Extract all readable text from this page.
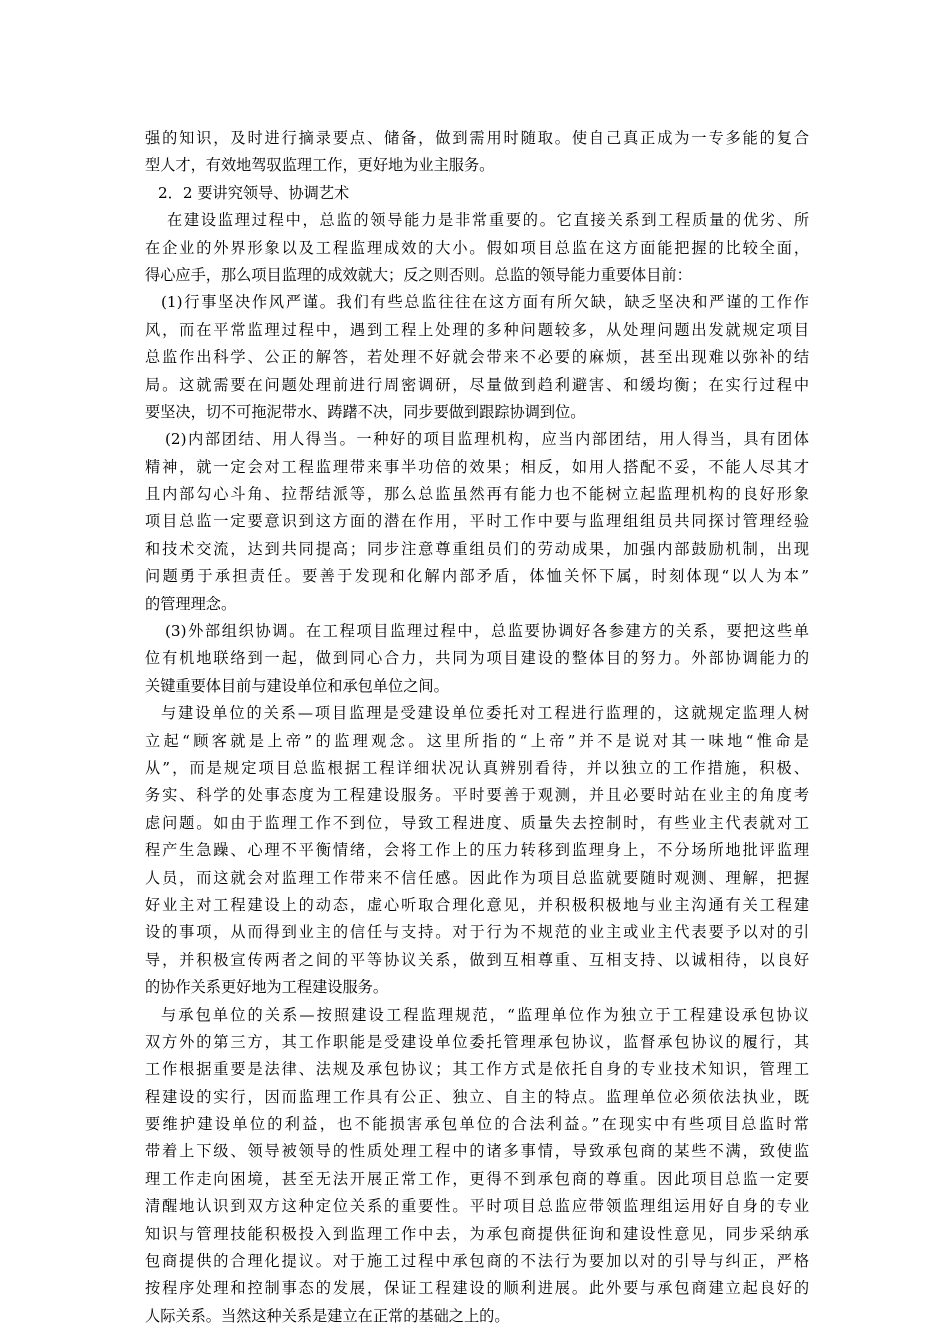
强的知识，及时进行摘录要点、储备，做到需用时随取。使自己真正成为一专多能的复合
型人才，有效地驾驭监理工作，更好地为业主服务。
2．2 要讲究领导、协调艺术
在建设监理过程中，总监的领导能力是非常重要的。它直接关系到工程质量的优劣、所
在企业的外界形象以及工程监理成效的大小。假如项目总监在这方面能把握的比较全面，
得心应手，那么项目监理的成效就大；反之则否则。总监的领导能力重要体目前：
(1)行事坚决作风严谨。我们有些总监往往在这方面有所欠缺，缺乏坚决和严谨的工作作
风，而在平常监理过程中，遇到工程上处理的多种问题较多，从处理问题出发就规定项目
总监作出科学、公正的解答，若处理不好就会带来不必要的麻烦，甚至出现难以弥补的结
局。这就需要在问题处理前进行周密调研，尽量做到趋利避害、和缓均衡；在实行过程中
要坚决，切不可拖泥带水、踌躇不决，同步要做到跟踪协调到位。
(2)内部团结、用人得当。一种好的项目监理机构，应当内部团结，用人得当，具有团体
精神，就一定会对工程监理带来事半功倍的效果；相反，如用人搭配不妥，不能人尽其才
且内部勾心斗角、拉帮结派等，那么总监虽然再有能力也不能树立起监理机构的良好形象
项目总监一定要意识到这方面的潜在作用，平时工作中要与监理组组员共同探讨管理经验
和技术交流，达到共同提高；同步注意尊重组员们的劳动成果，加强内部鼓励机制，出现
问题勇于承担责任。要善于发现和化解内部矛盾，体恤关怀下属，时刻体现“以人为本”
的管理理念。
(3)外部组织协调。在工程项目监理过程中，总监要协调好各参建方的关系，要把这些单
位有机地联络到一起，做到同心合力，共同为项目建设的整体目的努力。外部协调能力的
关键重要体目前与建设单位和承包单位之间。
与建设单位的关系—项目监理是受建设单位委托对工程进行监理的，这就规定监理人树
立起“顾客就是上帝”的监理观念。这里所指的“上帝”并不是说对其一味地“惟命是
从”，而是规定项目总监根据工程详细状况认真辨别看待，并以独立的工作措施，积极、
务实、科学的处事态度为工程建设服务。平时要善于观测，并且必要时站在业主的角度考
虑问题。如由于监理工作不到位，导致工程进度、质量失去控制时，有些业主代表就对工
程产生急躁、心理不平衡情绪，会将工作上的压力转移到监理身上，不分场所地批评监理
人员，而这就会对监理工作带来不信任感。因此作为项目总监就要随时观测、理解，把握
好业主对工程建设上的动态，虚心听取合理化意见，并积极积极地与业主沟通有关工程建
设的事项，从而得到业主的信任与支持。对于行为不规范的业主或业主代表要予以对的引
导，并积极宣传两者之间的平等协议关系，做到互相尊重、互相支持、以诚相待，以良好
的协作关系更好地为工程建设服务。
与承包单位的关系—按照建设工程监理规范，“监理单位作为独立于工程建设承包协议
双方外的第三方，其工作职能是受建设单位委托管理承包协议，监督承包协议的履行，其
工作根据重要是法律、法规及承包协议；其工作方式是依托自身的专业技术知识，管理工
程建设的实行，因而监理工作具有公正、独立、自主的特点。监理单位必须依法执业，既
要维护建设单位的利益，也不能损害承包单位的合法利益。”在现实中有些项目总监时常
带着上下级、领导被领导的性质处理工程中的诸多事情，导致承包商的某些不满，致使监
理工作走向困境，甚至无法开展正常工作，更得不到承包商的尊重。因此项目总监一定要
清醒地认识到双方这种定位关系的重要性。平时项目总监应带领监理组运用好自身的专业
知识与管理技能积极投入到监理工作中去，为承包商提供征询和建设性意见，同步采纳承
包商提供的合理化提议。对于施工过程中承包商的不法行为要加以对的引导与纠正，严格
按程序处理和控制事态的发展，保证工程建设的顺利进展。此外要与承包商建立起良好的
人际关系。当然这种关系是建立在正常的基础之上的。
